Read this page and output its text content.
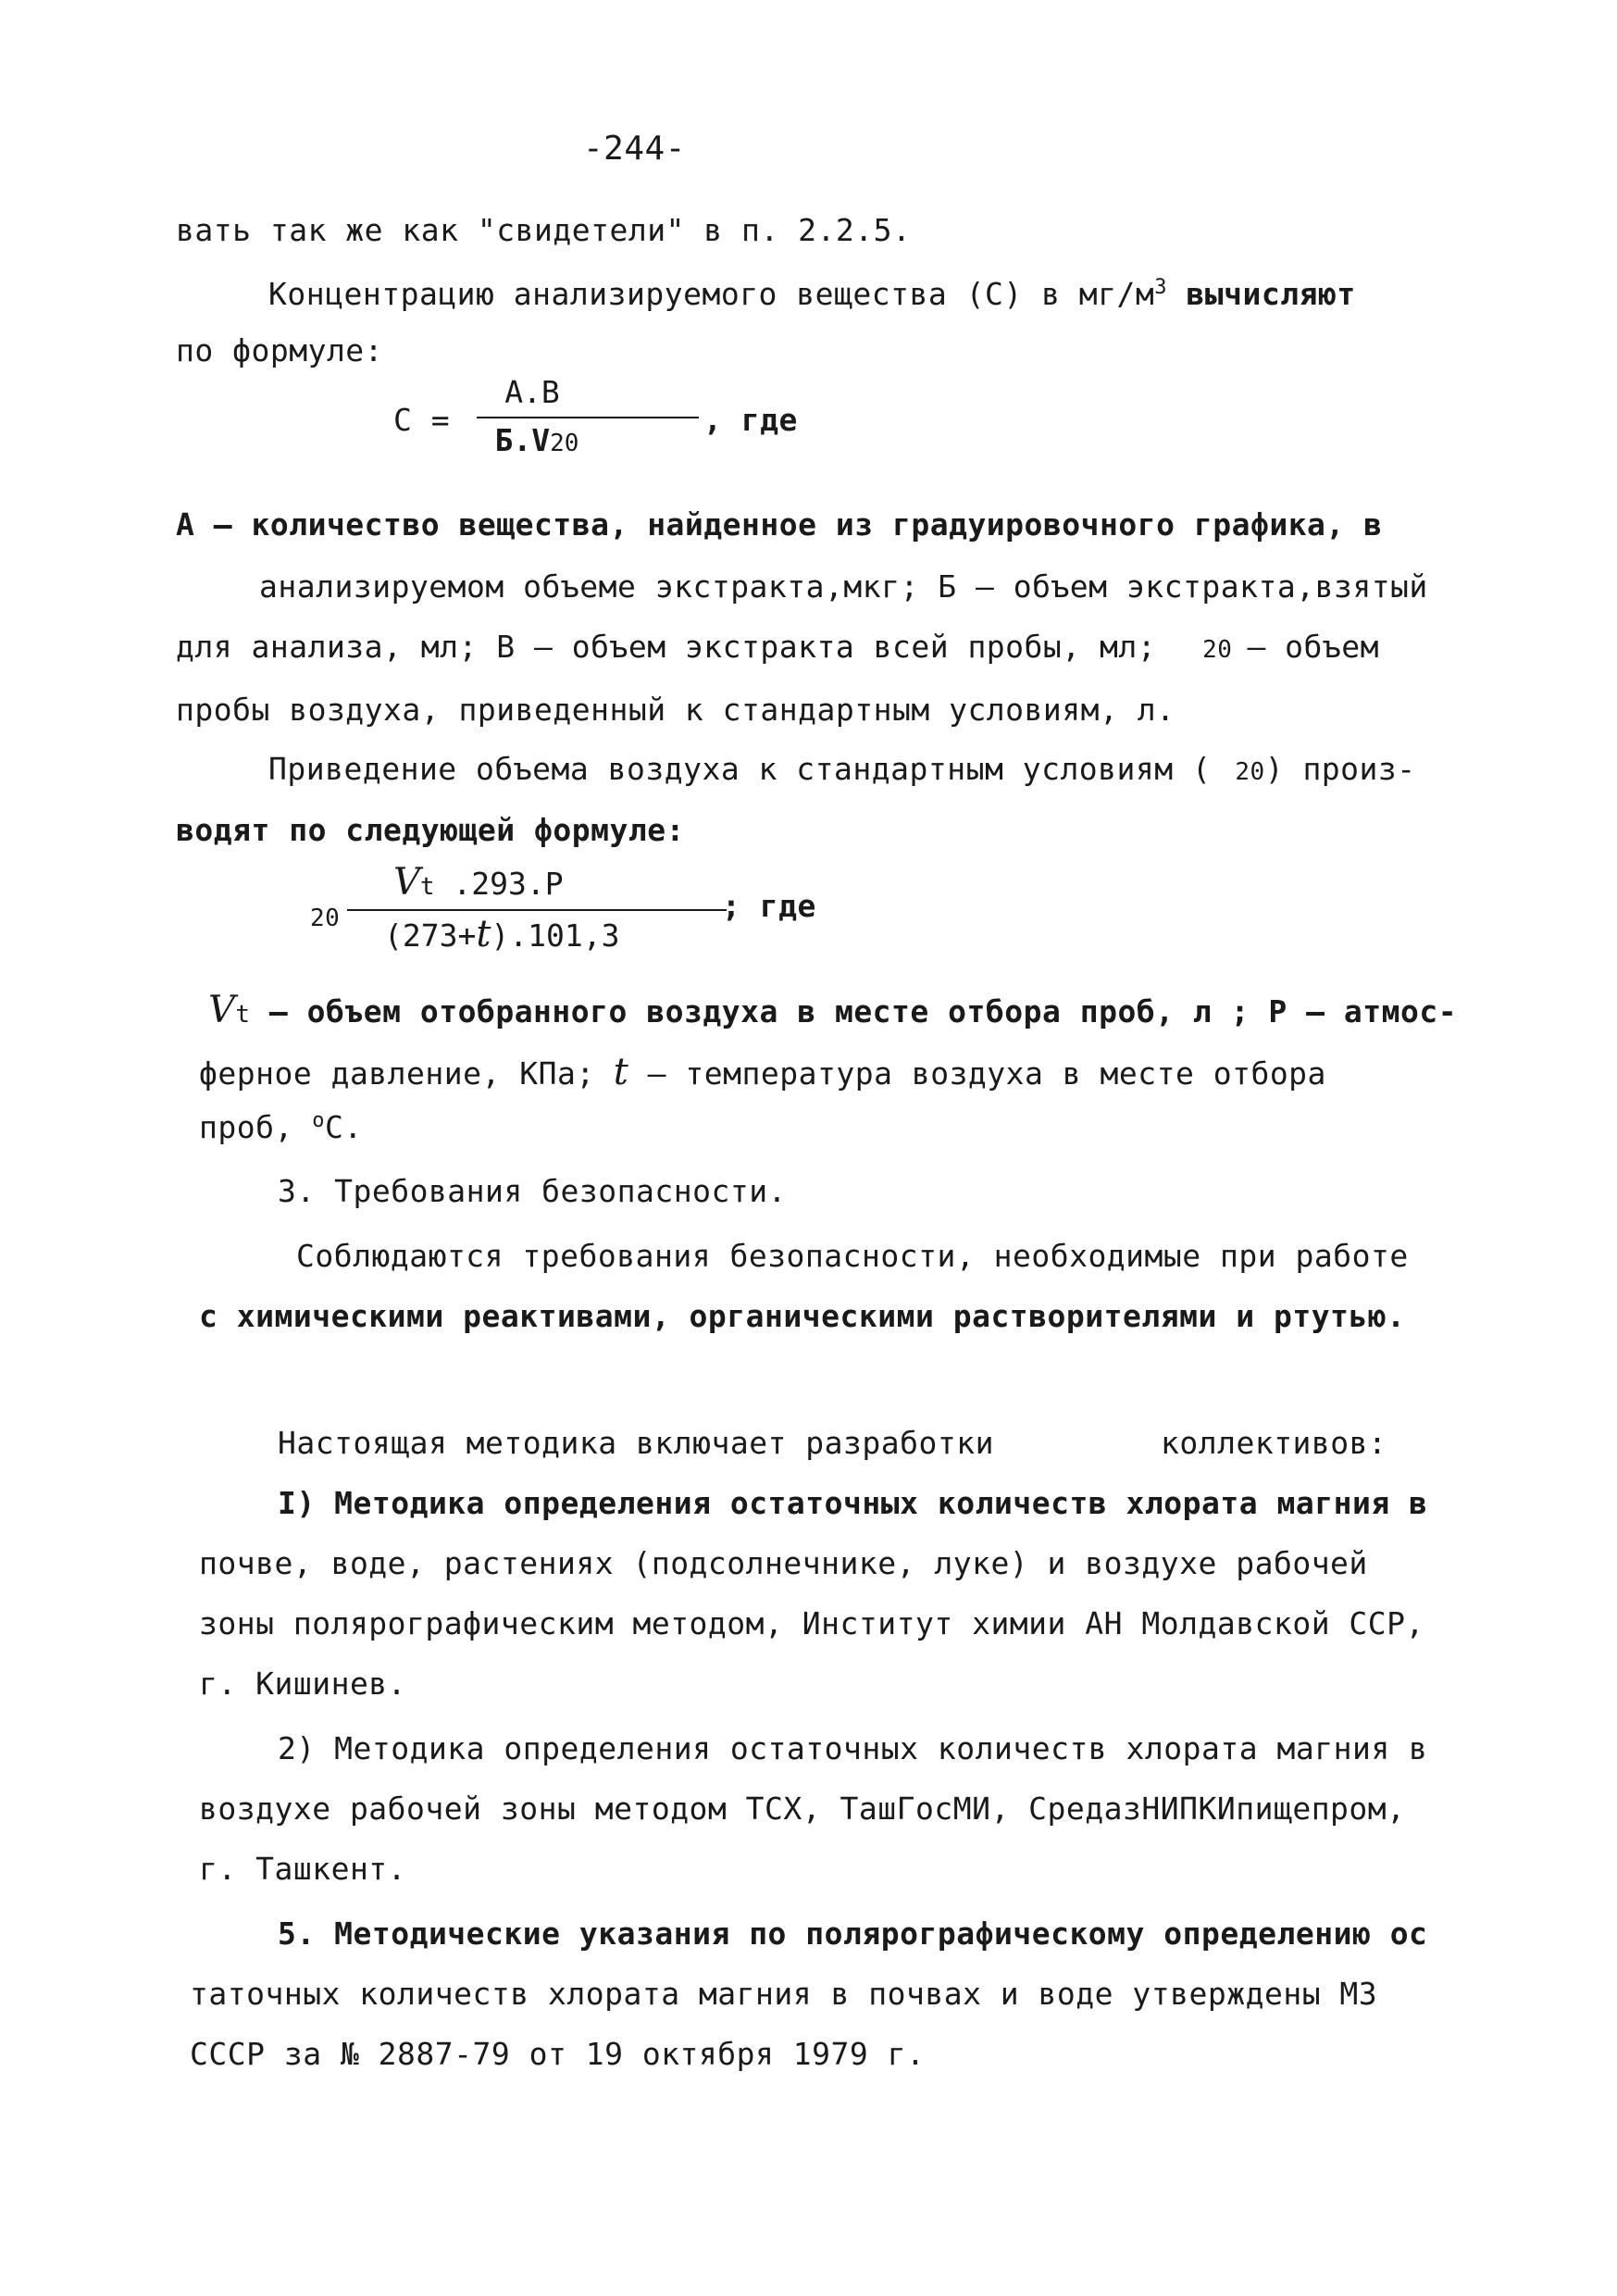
-244-
вать так же как "свидетели" в п. 2.2.5.
Концентрацию анализируемого вещества (C) в $мг/м^3$ вычисляют
по формуле:
C =
A.B
Б.V20
, где
A – количество вещества, найденное из градуировочного графика, в
анализируемом объеме экстракта,мкг; Б – объем экстракта,взятый
для анализа, мл; В – объем экстракта всей пробы, мл; 20 – объем
пробы воздуха, приведенный к стандартным условиям, л.
Приведение объема воздуха к стандартным условиям ( 20) произ-
водят по следующей формуле:
20
Vt .293.P
(273+t).101,3
; где
Vt – объем отобранного воздуха в месте отбора проб, л ; P – атмос-
ферное давление, КПа; t – температура воздуха в месте отбора
проб, $^o$C.
3. Требования безопасности.
Соблюдаются требования безопасности, необходимые при работе
с химическими реактивами, органическими растворителями и ртутью.
Настоящая методика включает разработки	коллективов:
I) Методика определения остаточных количеств хлората магния в
почве, воде, растениях (подсолнечнике, луке) и воздухе рабочей
зоны полярографическим методом, Институт химии АН Молдавской ССР,
г. Кишинев.
2) Методика определения остаточных количеств хлората магния в
воздухе рабочей зоны методом ТСХ, ТашГосМИ, СредазНИПКИпищепром,
г. Ташкент.
5. Методические указания по полярографическому определению ос
таточных количеств хлората магния в почвах и воде утверждены МЗ
СССР за № 2887-79 от 19 октября 1979 г.
